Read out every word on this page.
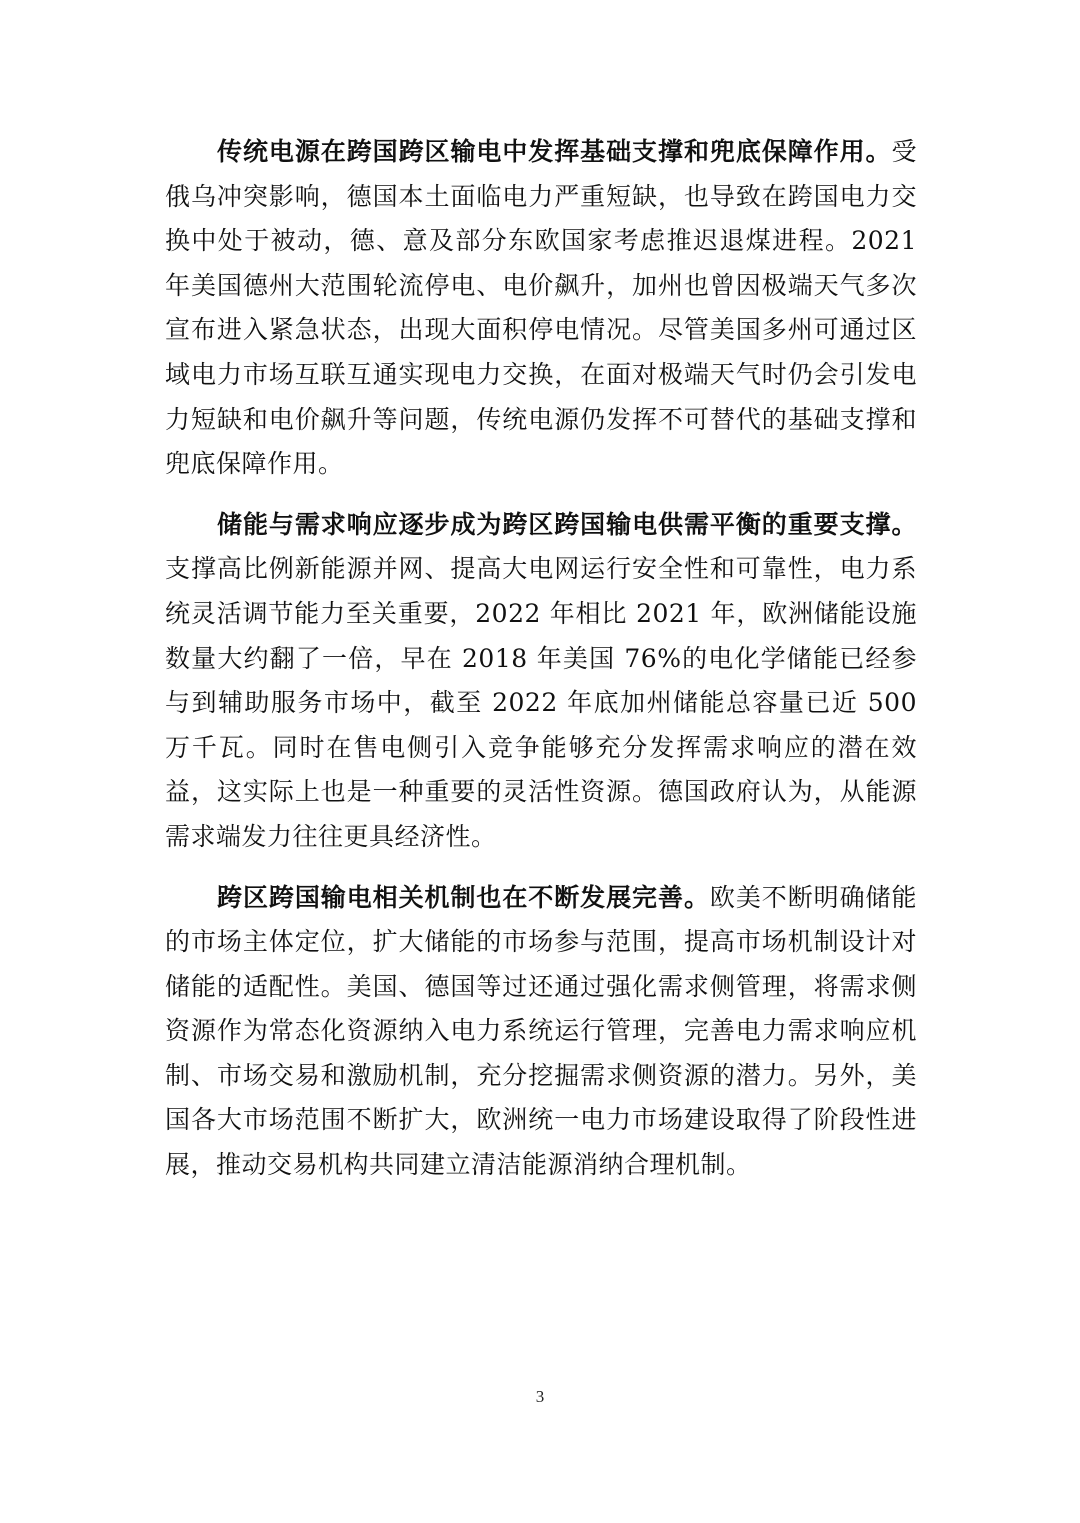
传统电源在跨国跨区输电中发挥基础支撑和兜底保障作用。受俄乌冲突影响，德国本土面临电力严重短缺，也导致在跨国电力交换中处于被动，德、意及部分东欧国家考虑推迟退煤进程。2021 年美国德州大范围轮流停电、电价飙升，加州也曾因极端天气多次宣布进入紧急状态，出现大面积停电情况。尽管美国多州可通过区域电力市场互联互通实现电力交换，在面对极端天气时仍会引发电力短缺和电价飙升等问题，传统电源仍发挥不可替代的基础支撑和兜底保障作用。

储能与需求响应逐步成为跨区跨国输电供需平衡的重要支撑。支撑高比例新能源并网、提高大电网运行安全性和可靠性，电力系统灵活调节能力至关重要，2022 年相比 2021 年，欧洲储能设施数量大约翻了一倍，早在 2018 年美国 76%的电化学储能已经参与到辅助服务市场中，截至 2022 年底加州储能总容量已近 500 万千瓦。同时在售电侧引入竞争能够充分发挥需求响应的潜在效益，这实际上也是一种重要的灵活性资源。德国政府认为，从能源需求端发力往往更具经济性。

跨区跨国输电相关机制也在不断发展完善。欧美不断明确储能的市场主体定位，扩大储能的市场参与范围，提高市场机制设计对储能的适配性。美国、德国等过还通过强化需求侧管理，将需求侧资源作为常态化资源纳入电力系统运行管理，完善电力需求响应机制、市场交易和激励机制，充分挖掘需求侧资源的潜力。另外，美国各大市场范围不断扩大，欧洲统一电力市场建设取得了阶段性进展，推动交易机构共同建立清洁能源消纳合理机制。

3
